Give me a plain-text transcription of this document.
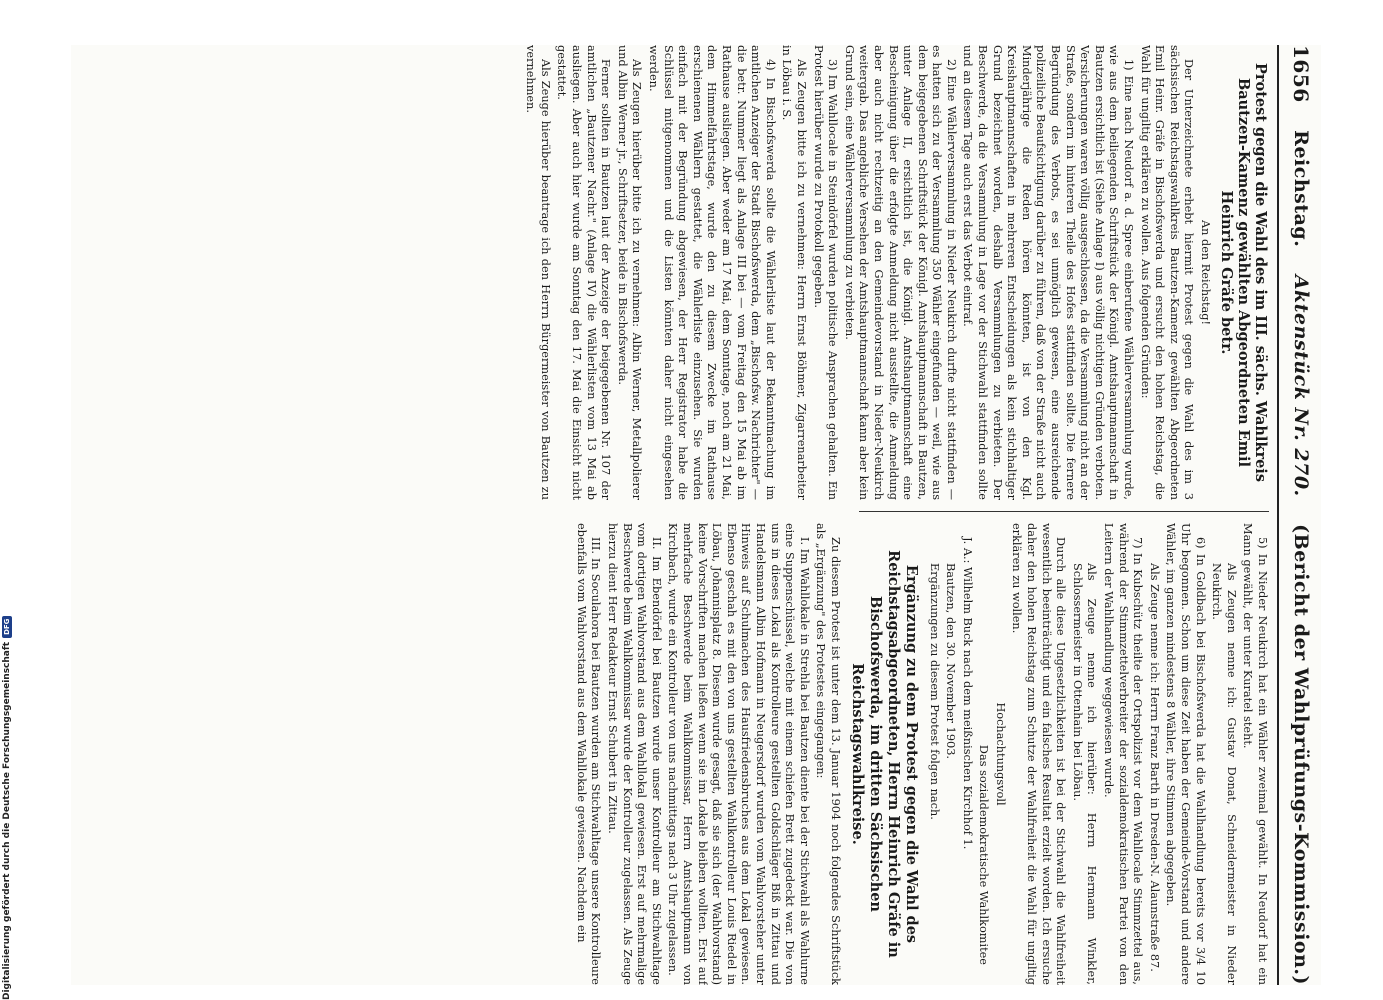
1656
Reichstag.
Aktenstück Nr. 270.
(Bericht der Wahlprüfungs-Kommission.)

Protest gegen die Wahl des im III. sächs. Wahlkreis Bautzen-Kamenz gewählten Abgeordneten Emil Heinrich Gräfe betr.

An den Reichstag!

Der Unterzeichnete erhebt hiermit Protest gegen die Wahl des im 3 sächsischen Reichstagswahlkreis Bautzen-Kamenz gewählten Abgeordneten Emil Heinr. Gräfe in Bischofswerda und ersucht den hohen Reichstag, die Wahl für ungiltig erklären zu wollen. Aus folgenden Gründen:

1) Eine nach Neudorf a. d. Spree einberufene Wählerversammlung wurde, wie aus dem beiliegenden Schriftstück der Königl. Amtshauptmannschaft in Bautzen ersichtlich ist (Siehe Anlage I) aus völlig nichtigen Gründen verboten. Versicherungen waren völlig ausgeschlossen, da die Versammlung nicht an der Straße, sondern im hinteren Theile des Hofes stattfinden sollte. Die fernere Begründung des Verbots, es sei unmöglich gewesen, eine ausreichende polizeiliche Beaufsichtigung darüber zu führen, daß von der Straße nicht auch Minderjährige die Reden hören könnten, ist von den Kgl. Kreishauptmannschaften in mehreren Entscheidungen als kein stichhaltiger Grund bezeichnet worden, deshalb Versammlungen zu verbieten. Der Beschwerde, da die Versammlung in Lage vor der Stichwahl stattfinden sollte und an diesem Tage auch erst das Verbot eintraf.

2) Eine Wählerversammlung in Nieder Neukirch durfte nicht stattfinden — es hatten sich zu der Versammlung 350 Wähler eingefunden — weil, wie aus dem beigegebenen Schriftstück der Königl. Amtshauptmannschaft in Bautzen, unter Anlage II, ersichtlich ist, die Königl. Amtshauptmannschaft eine Bescheinigung über die erfolgte Anmeldung nicht ausstellte, die Anmeldung aber auch nicht rechtzeitig an den Gemeindevorstand in Nieder-Neukirch weitergab. Das angebliche Versehen der Amtshauptmannschaft kann aber kein Grund sein, eine Wählerversammlung zu verbieten.

3) Im Wahllocale in Steindörfel wurden politische Ansprachen gehalten. Ein Protest hierüber wurde zu Protokoll gegeben.

Als Zeugen bitte ich zu vernehmen: Herrn Ernst Böhmer, Zigarrenarbeiter in Löbau i. S.

4) In Bischofswerda sollte die Wählerliste laut der Bekanntmachung im amtlichen Anzeiger der Stadt Bischofswerda, dem „Bischofsw. Nachrichter" — die betr. Nummer liegt als Anlage III bei — vom Freitag den 15 Mai ab im Rathause ausliegen. Aber weder am 17 Mai, dem Sonntage, noch am 21 Mai, dem Himmelfahrtstage, wurde den zu diesem Zwecke im Rathause erschienenen Wählern gestattet, die Wählerliste einzusehen. Sie wurden einfach mit der Begründung abgewiesen, der Herr Registrator habe die Schlüssel mitgenommen und die Listen könnten daher nicht eingesehen werden.

Als Zeugen hierüber bitte ich zu vernehmen: Albin Werner, Metallpolierer und Albin Werner jr., Schriftsetzer, beide in Bischofswerda.

Ferner sollten in Bautzen laut der Anzeige der beigegebenen Nr. 107 der amtlichen „Bautzener Nachr." (Anlage IV) die Wählerlisten vom 13 Mai ab ausliegen. Aber auch hier wurde am Sonntag den 17. Mai die Einsicht nicht gestattet.

Als Zeuge hierüber beantrage ich den Herrn Bürgermeister von Bautzen zu vernehmen.

5) In Nieder Neukirch hat ein Wähler zweimal gewählt. In Neudorf hat ein Mann gewählt, der unter Kuratel steht.

Als Zeugen nenne ich: Gustav Donat, Schneidermeister in Nieder Neukirch.

6) In Goldbach bei Bischofswerda hat die Wahlhandlung bereits vor 3/4 10 Uhr begonnen. Schon um diese Zeit haben der Gemeinde-Vorstand und andere Wähler, im ganzen mindestens 8 Wähler, ihre Stimmen abgegeben.

Als Zeuge nenne ich: Herrn Franz Barth in Dresden-N. Alaunstraße 87.

7) In Kubschütz theilte der Ortspolizist vor dem Wahllocale Stimmzettel aus, während der Stimmzettelverbreiter der sozialdemokratischen Partei von den Leitern der Wahlhandlung weggewiesen wurde.

Als Zeuge nenne ich hierüber: Herrn Hermann Winkler, Schlossermeister in Ottenhain bei Löbau.

Durch alle diese Ungesetzlichkeiten ist bei der Stichwahl die Wahlfreiheit wesentlich beeinträchtigt und ein falsches Resultat erzielt worden. Ich ersuche daher den hohen Reichstag zum Schutze der Wahlfreiheit die Wahl für ungiltig erklären zu wollen.

Hochachtungsvoll

Das sozialdemokratische Wahlkomitee

J. A.: Wilhelm Buck nach dem meißnischen Kirchhof 1.

Bautzen, den 30. November 1903.

Ergänzungen zu diesem Protest folgen nach.

Ergänzung zu dem Protest gegen die Wahl des Reichstagsabgeordneten, Herrn Heinrich Gräfe in Bischofswerda, im dritten Sächsischen Reichstagswahlkreise.

Zu diesem Protest ist unter dem 13. Januar 1904 noch folgendes Schriftstück als „Ergänzung" des Protestes eingegangen:

I. Im Wahllokale in Strehla bei Bautzen diente bei der Stichwahl als Wahlurne eine Suppenschüssel, welche mit einem schiefen Brett zugedeckt war. Die von uns in dieses Lokal als Kontrolleure gestellten Goldschläger Biß in Zittau und Handelsmann Albin Hofmann in Neugersdorf wurden vom Wahlvorsteher unter Hinweis auf Schulmachen des Hausfriedensbruches aus dem Lokal gewiesen. Ebenso geschah es mit den von uns gestellten Wahlkontrolleur Louis Riedel in Löbau, Johannisplatz 8. Diesem wurde gesagt, daß sie sich (der Wahlvorstand) keine Vorschriften machen ließen wenn sie im Lokale bleiben wollten. Erst auf mehrfache Beschwerde beim Wahlkommissar, Herrn Amtshauptmann von Kirchbach, wurde ein Kontrolleur von uns nachmittags nach 3 Uhr zugelassen.

II. Im Ebendörfel bei Bautzen wurde unser Kontrolleur am Stichwahltage vom dortigen Wahlvorstand aus dem Wahllokal gewiesen. Erst auf mehrmalige Beschwerde beim Wahlkommissar wurde der Kontrolleur zugelassen. Als Zeuge hierzu dient Herr Redakteur Ernst Schubert in Zittau.

III. In Soculahora bei Bautzen wurden am Stichwahltage unsere Kontrolleure ebenfalls vom Wahlvorstand aus dem Wahllokale gewiesen. Nachdem ein

Digitalisierung gefördert durch die Deutsche Forschungsgemeinschaft
DFG
